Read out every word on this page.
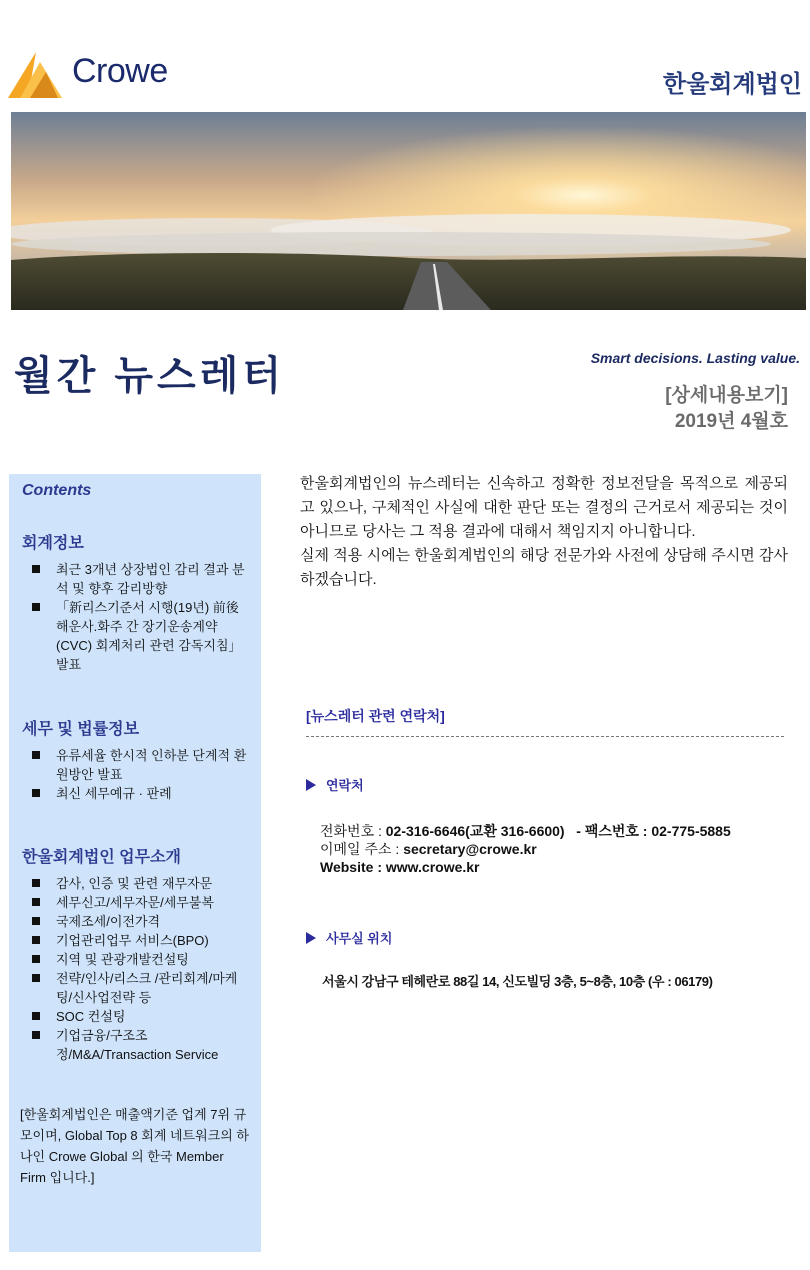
Crowe	한울회계법인
월간 뉴스레터	Smart decisions. Lasting value.
[상세내용보기]
2019년 4월호
Contents
회계정보
최근 3개년 상장법인 감리 결과 분석 및 향후 감리방향
「新리스기준서 시행(19년) 前後 해운사.화주 간 장기운송계약(CVC) 회계처리 관련 감독지침」발표
세무 및 법률정보
유류세율 한시적 인하분 단계적 환원방안 발표
최신 세무예규 · 판례
한울회계법인 업무소개
감사, 인증 및 관련 재무자문
세무신고/세무자문/세무불복
국제조세/이전가격
기업관리업무 서비스(BPO)
지역 및 관광개발컨설팅
전략/인사/리스크 /관리회계/마케팅/신사업전략 등
SOC 컨설팅
기업금융/구조조정/M&A/Transaction Service
[한울회계법인은 매출액기준 업계 7위 규모이며, Global Top 8 회계 네트워크의 하나인 Crowe Global 의 한국 Member Firm 입니다.]
한울회계법인의 뉴스레터는 신속하고 정확한 정보전달을 목적으로 제공되고 있으나, 구체적인 사실에 대한 판단 또는 결정의 근거로서 제공되는 것이 아니므로 당사는 그 적용 결과에 대해서 책임지지 아니합니다.
실제 적용 시에는 한울회계법인의 해당 전문가와 사전에 상담해 주시면 감사하겠습니다.
[뉴스레터 관련 연락처]
연락처
전화번호 : 02-316-6646(교환 316-6600) - 팩스번호 : 02-775-5885
이메일 주소 : secretary@crowe.kr
Website : www.crowe.kr
사무실 위치
서울시 강남구 테헤란로 88길 14, 신도빌딩 3층, 5~8층, 10층 (우 : 06179)
